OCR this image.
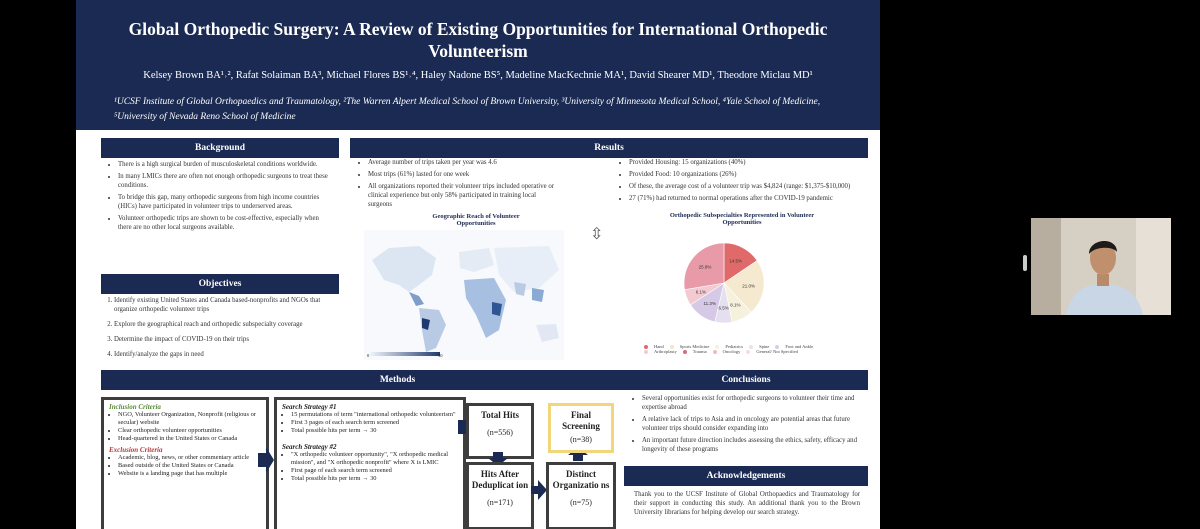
Global Orthopedic Surgery: A Review of Existing Opportunities for International Orthopedic Volunteerism
Kelsey Brown BA¹˒², Rafat Solaiman BA³, Michael Flores BS¹˒⁴, Haley Nadone BS⁵, Madeline MacKechnie MA¹, David Shearer MD¹, Theodore Miclau MD¹
¹UCSF Institute of Global Orthopaedics and Traumatology, ²The Warren Alpert Medical School of Brown University, ³University of Minnesota Medical School, ⁴Yale School of Medicine, ⁵University of Nevada Reno School of Medicine
Background
• There is a high surgical burden of musculoskeletal conditions worldwide.
• In many LMICs there are often not enough orthopedic surgeons to treat these conditions.
• To bridge this gap, many orthopedic surgeons from high income countries (HICs) have participated in volunteer trips to underserved areas.
• Volunteer orthopedic trips are shown to be cost-effective, especially when there are no other local surgeons available.
Objectives
1. Identify existing United States and Canada based-nonprofits and NGOs that organize orthopedic volunteer trips
2. Explore the geographical reach and orthopedic subspecialty coverage
3. Determine the impact of COVID-19 on their trips
4. Identify/analyze the gaps in need
Results
• Average number of trips taken per year was 4.6
• Most trips (61%) lasted for one week
• All organizations reported their volunteer trips included operative or clinical experience but only 58% participated in training local surgeons
• Provided Housing: 15 organizations (40%)
• Provided Food: 10 organizations (26%)
• Of these, the average cost of a volunteer trip was $4,824 (range: $1,375-$10,000)
• 27 (71%) had returned to normal operations after the COVID-19 pandemic
Geographic Reach of Volunteer Opportunities
0	30
⇳
Orthopedic Subspecialties Represented in Volunteer Opportunities
14.5%
21.0%
8.1%
6.5%
11.3%
6.1%
25.8%
Hand	Sports Medicine	Pediatrics	Spine	Foot and AnkleArthroplasty	Trauma	Oncology	General/ Not Specified
Methods
Inclusion Criteria
• NGO, Volunteer Organization, Nonprofit (religious or secular) website
• Clear orthopedic volunteer opportunities
• Head-quartered in the United States or Canada
Exclusion Criteria
• Academic, blog, news, or other commentary article
• Based outside of the United States or Canada
• Website is a landing page that has multiple
Search Strategy #1
• 15 permutations of term "international orthopedic volunteerism"
• First 3 pages of each search term screened
• Total possible hits per term → 30
Search Strategy #2
• "X orthopedic volunteer opportunity", "X orthopedic medical mission", and "X orthopedic nonprofit" where X is LMIC
• First page of each search term screened
• Total possible hits per term → 30
Total Hits
(n=556)
Hits After Deduplicat ion
(n=171)
Distinct Organizatio ns
(n=75)
Final Screening
(n=38)
Conclusions
• Several opportunities exist for orthopedic surgeons to volunteer their time and expertise abroad
• A relative lack of trips to Asia and in oncology are potential areas that future volunteer trips should consider expanding into
• An important future direction includes assessing the ethics, safety, efficacy and longevity of these programs
Acknowledgements
Thank you to the UCSF Institute of Global Orthopaedics and Traumatology for their support in conducting this study. An additional thank you to the Brown University librarians for helping develop our search strategy.
